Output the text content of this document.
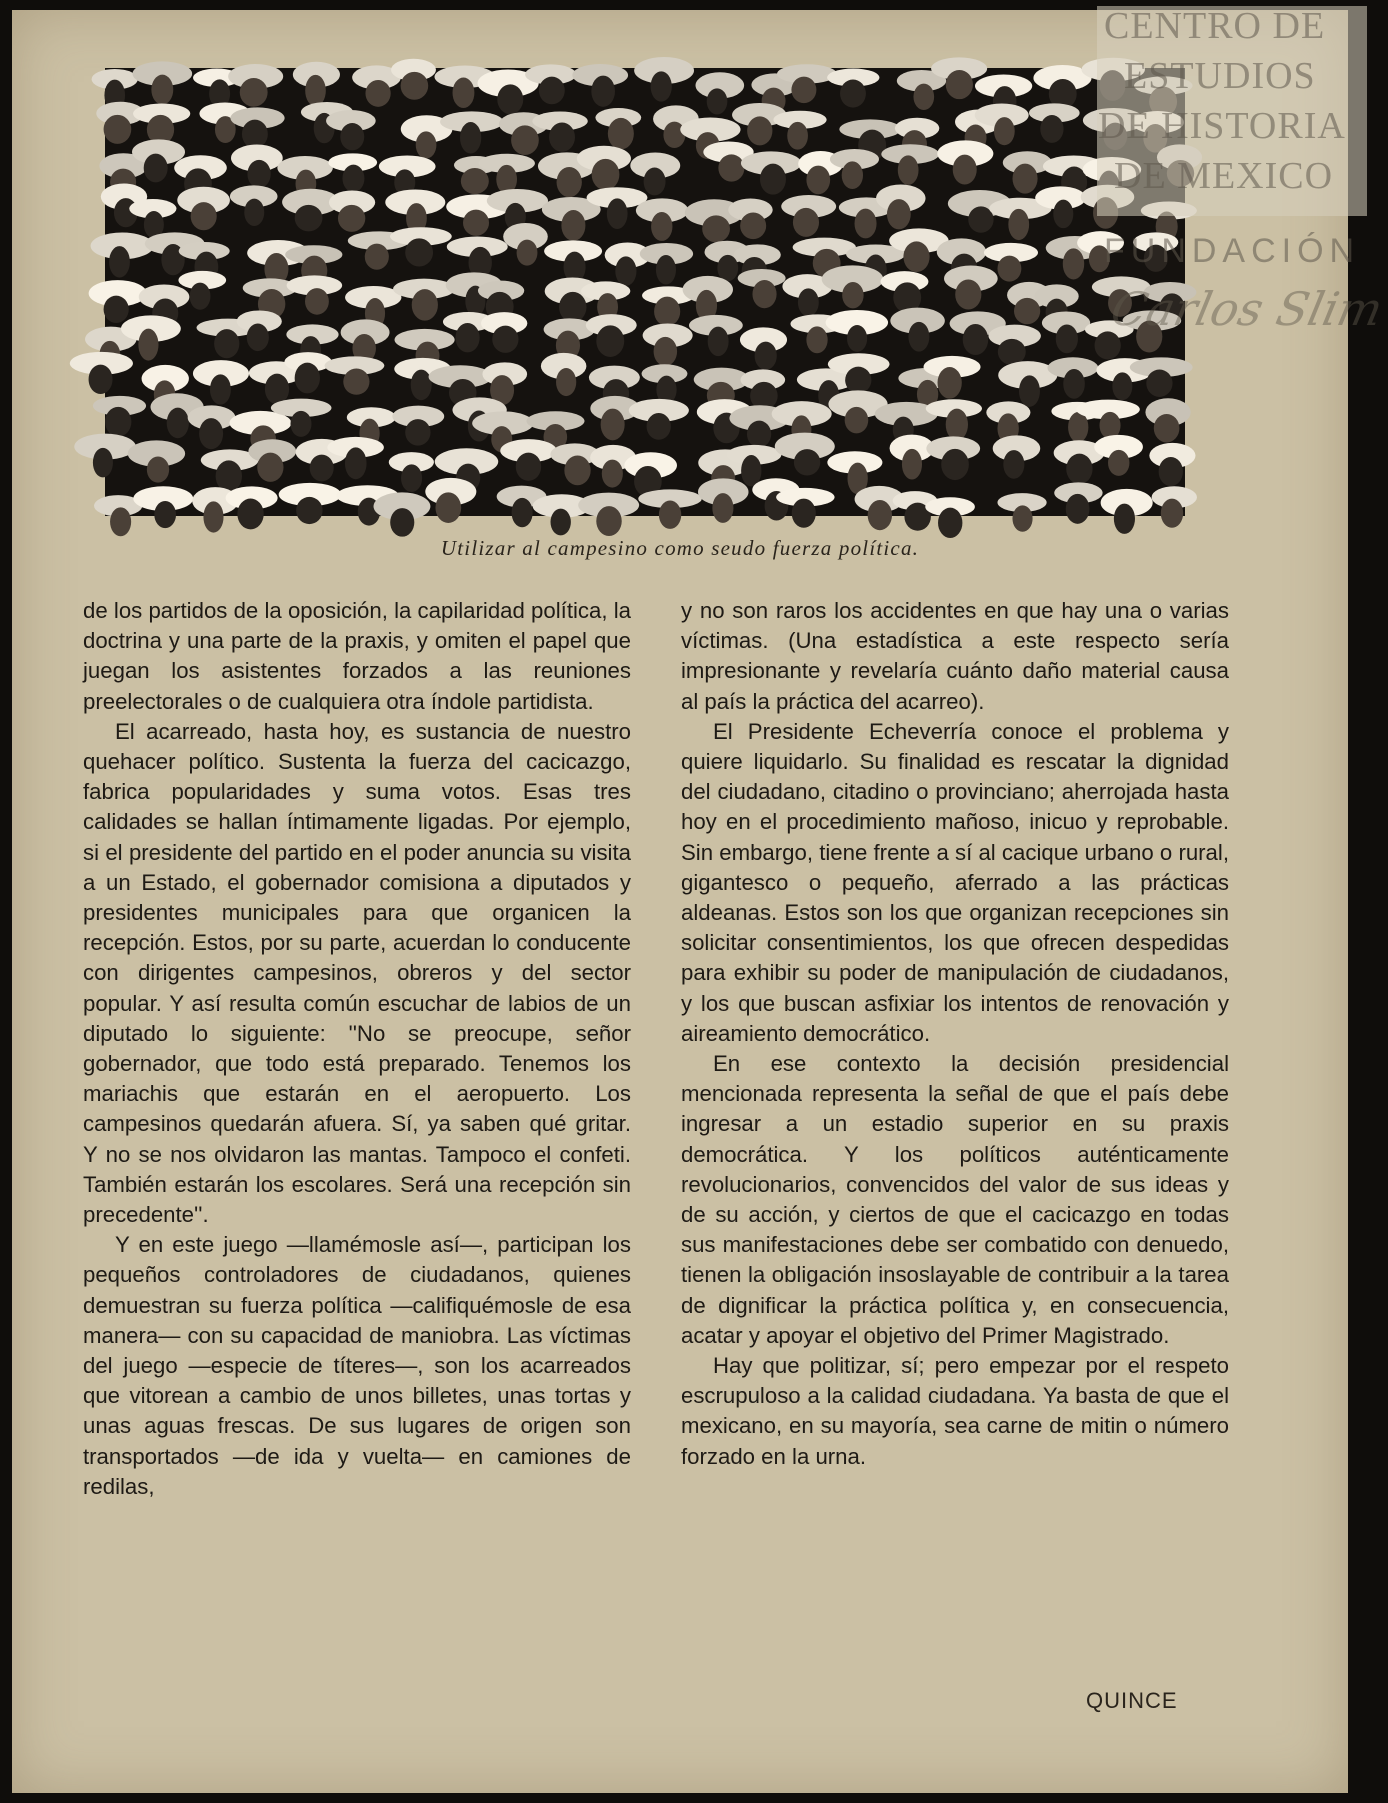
Utilizar al campesino como seudo fuerza política.

de los partidos de la oposición, la capilaridad política, la doctrina y una parte de la praxis, y omiten el papel que juegan los asistentes forzados a las reuniones preelectorales o de cualquiera otra índole partidista.

El acarreado, hasta hoy, es sustancia de nuestro quehacer político. Sustenta la fuerza del cacicazgo, fabrica popularidades y suma votos. Esas tres calidades se hallan íntimamente ligadas. Por ejemplo, si el presidente del partido en el poder anuncia su visita a un Estado, el gobernador comisiona a diputados y presidentes municipales para que organicen la recepción. Estos, por su parte, acuerdan lo conducente con dirigentes campesinos, obreros y del sector popular. Y así resulta común escuchar de labios de un diputado lo siguiente: ''No se preocupe, señor gobernador, que todo está preparado. Tenemos los mariachis que estarán en el aeropuerto. Los campesinos quedarán afuera. Sí, ya saben qué gritar. Y no se nos olvidaron las mantas. Tampoco el confeti. También estarán los escolares. Será una recepción sin precedente''.

Y en este juego —llamémosle así—, participan los pequeños controladores de ciudadanos, quienes demuestran su fuerza política —califiquémosle de esa manera— con su capacidad de maniobra. Las víctimas del juego —especie de títeres—, son los acarreados que vitorean a cambio de unos billetes, unas tortas y unas aguas frescas. De sus lugares de origen son transportados —de ida y vuelta— en camiones de redilas,

y no son raros los accidentes en que hay una o varias víctimas. (Una estadística a este respecto sería impresionante y revelaría cuánto daño material causa al país la práctica del acarreo).

El Presidente Echeverría conoce el problema y quiere liquidarlo. Su finalidad es rescatar la dignidad del ciudadano, citadino o provinciano; aherrojada hasta hoy en el procedimiento mañoso, inicuo y reprobable. Sin embargo, tiene frente a sí al cacique urbano o rural, gigantesco o pequeño, aferrado a las prácticas aldeanas. Estos son los que organizan recepciones sin solicitar consentimientos, los que ofrecen despedidas para exhibir su poder de manipulación de ciudadanos, y los que buscan asfixiar los intentos de renovación y aireamiento democrático.

En ese contexto la decisión presidencial mencionada representa la señal de que el país debe ingresar a un estadio superior en su praxis democrática. Y los políticos auténticamente revolucionarios, convencidos del valor de sus ideas y de su acción, y ciertos de que el cacicazgo en todas sus manifestaciones debe ser combatido con denuedo, tienen la obligación insoslayable de contribuir a la tarea de dignificar la práctica política y, en consecuencia, acatar y apoyar el objetivo del Primer Magistrado.

Hay que politizar, sí; pero empezar por el respeto escrupuloso a la calidad ciudadana. Ya basta de que el mexicano, en su mayoría, sea carne de mitin o número forzado en la urna.

QUINCE
CENTRO DE
ESTUDIOS
DE HISTORIA
DE MEXICO
FUNDACIÓN
Carlos Slim
